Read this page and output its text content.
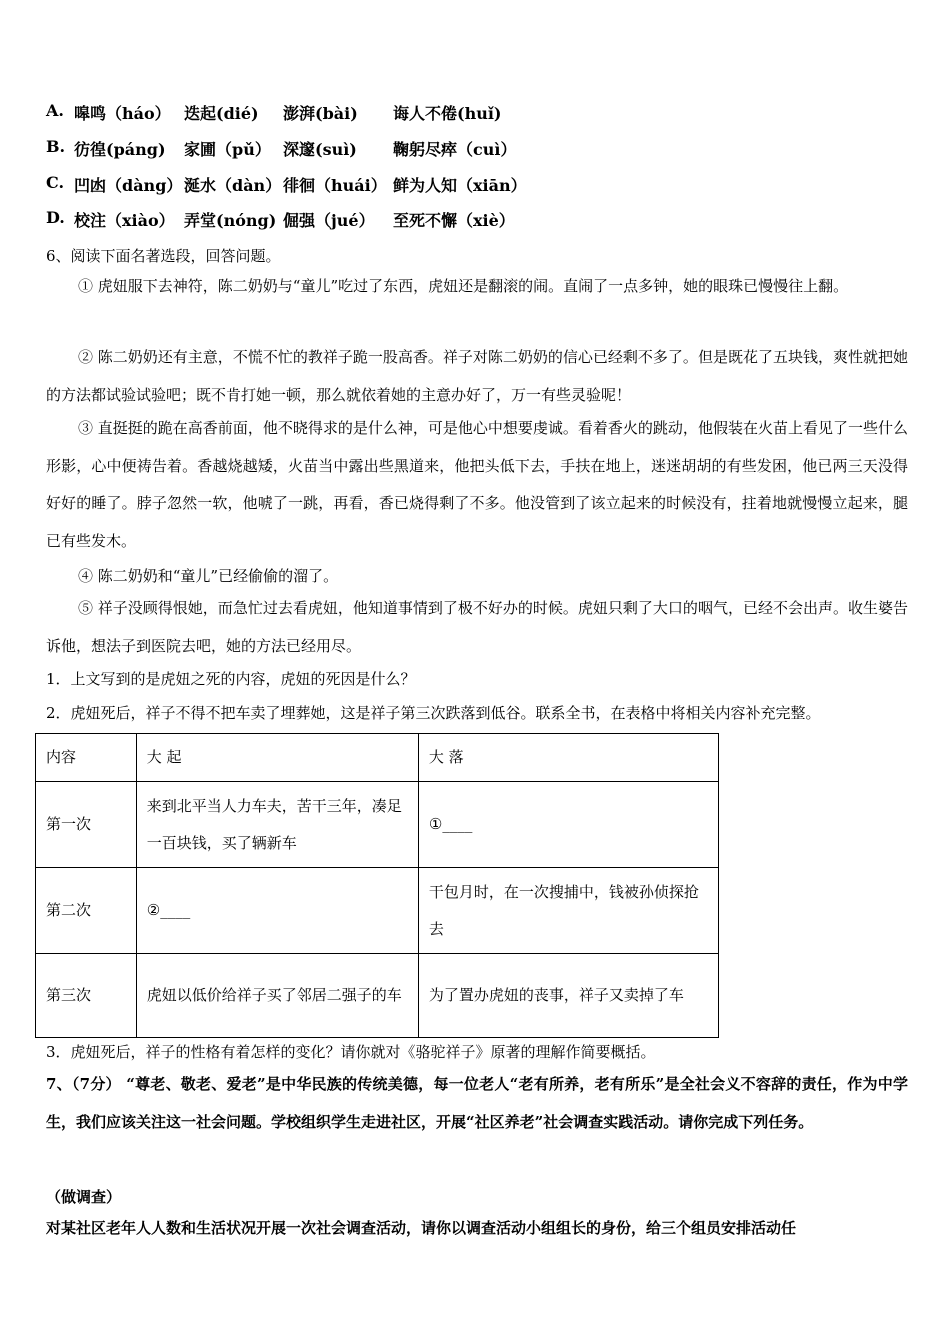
A. 嗥鸣（háo） 迭起(dié) 澎湃(bài) 诲人不倦(huǐ)
B. 彷徨(páng) 家圃（pǔ） 深邃(suì) 鞠躬尽瘁（cuì）
C. 凹凼（dàng） 涎水（dàn） 徘徊（huái） 鲜为人知（xiān）
D. 校注（xiào） 弄堂(nóng) 倔强（jué） 至死不懈（xiè）
6、阅读下面名著选段，回答问题。
① 虎妞服下去神符，陈二奶奶与“童儿”吃过了东西，虎妞还是翻滚的闹。直闹了一点多钟，她的眼珠已慢慢往上翻。
② 陈二奶奶还有主意，不慌不忙的教祥子跪一股高香。祥子对陈二奶奶的信心已经剩不多了。但是既花了五块钱，爽性就把她的方法都试验试验吧；既不肯打她一顿，那么就依着她的主意办好了，万一有些灵验呢！
③ 直挺挺的跪在高香前面，他不晓得求的是什么神，可是他心中想要虔诚。看着香火的跳动，他假装在火苗上看见了一些什么形影，心中便祷告着。香越烧越矮，火苗当中露出些黑道来，他把头低下去，手扶在地上，迷迷胡胡的有些发困，他已两三天没得好好的睡了。脖子忽然一软，他唬了一跳，再看，香已烧得剩了不多。他没管到了该立起来的时候没有，拄着地就慢慢立起来，腿已有些发木。
④ 陈二奶奶和“童儿”已经偷偷的溜了。
⑤ 祥子没顾得恨她，而急忙过去看虎妞，他知道事情到了极不好办的时候。虎妞只剩了大口的咽气，已经不会出声。收生婆告诉他，想法子到医院去吧，她的方法已经用尽。
1．上文写到的是虎妞之死的内容，虎妞的死因是什么？
2．虎妞死后，祥子不得不把车卖了埋葬她，这是祥子第三次跌落到低谷。联系全书，在表格中将相关内容补充完整。
内容	大 起	大 落
第一次	来到北平当人力车夫，苦干三年，凑足一百块钱，买了辆新车	①____
第二次	②____	干包月时，在一次搜捕中，钱被孙侦探抢去
第三次	虎妞以低价给祥子买了邻居二强子的车	为了置办虎妞的丧事，祥子又卖掉了车
3．虎妞死后，祥子的性格有着怎样的变化？请你就对《骆驼祥子》原著的理解作简要概括。
7、（7分） “尊老、敬老、爱老”是中华民族的传统美德，每一位老人“老有所养，老有所乐”是全社会义不容辞的责任，作为中学生，我们应该关注这一社会问题。学校组织学生走进社区，开展“社区养老”社会调查实践活动。请你完成下列任务。
（做调查）
对某社区老年人人数和生活状况开展一次社会调查活动，请你以调查活动小组组长的身份，给三个组员安排活动任
